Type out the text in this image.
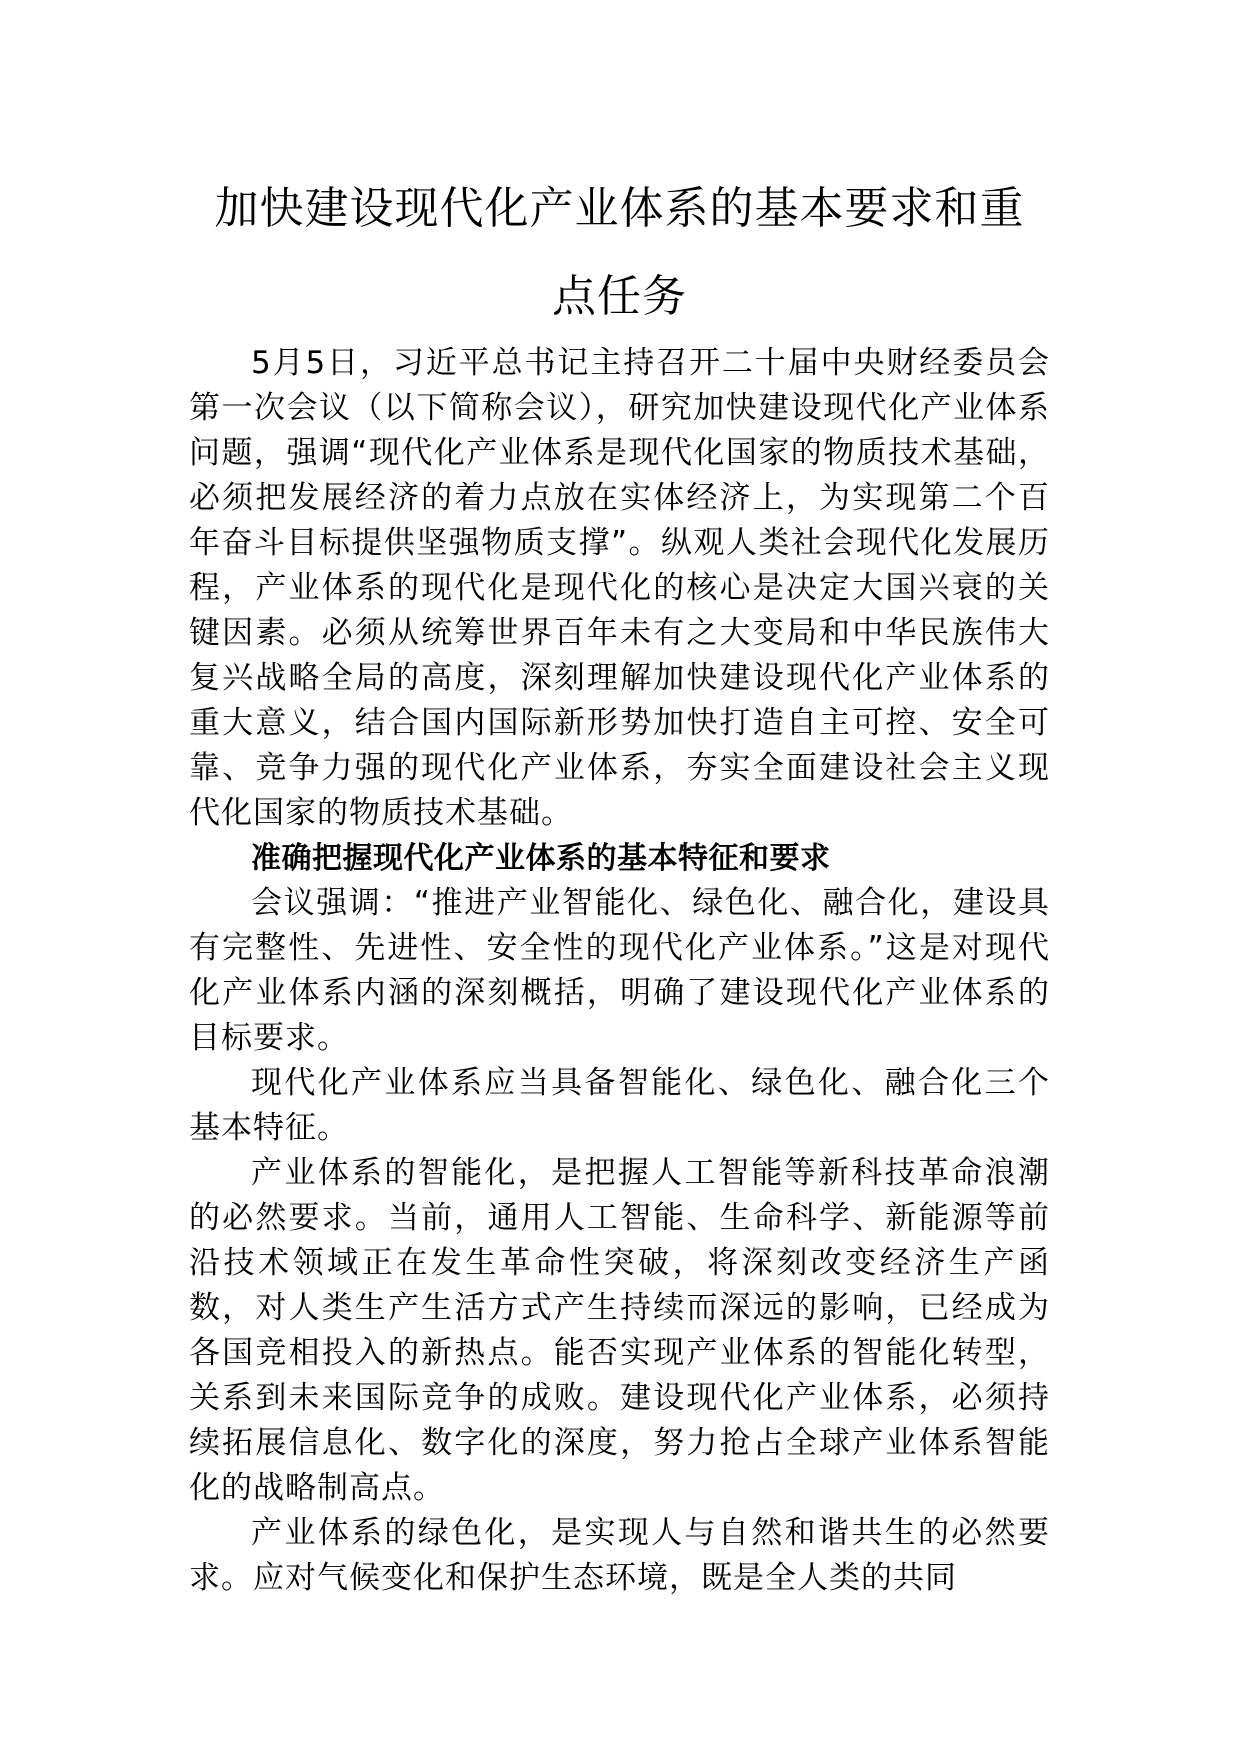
加快建设现代化产业体系的基本要求和重
点任务

5月5日，习近平总书记主持召开二十届中央财经委员会第一次会议（以下简称会议），研究加快建设现代化产业体系问题，强调“现代化产业体系是现代化国家的物质技术基础，必须把发展经济的着力点放在实体经济上，为实现第二个百年奋斗目标提供坚强物质支撑”。纵观人类社会现代化发展历程，产业体系的现代化是现代化的核心是决定大国兴衰的关键因素。必须从统筹世界百年未有之大变局和中华民族伟大复兴战略全局的高度，深刻理解加快建设现代化产业体系的重大意义，结合国内国际新形势加快打造自主可控、安全可靠、竞争力强的现代化产业体系，夯实全面建设社会主义现代化国家的物质技术基础。

准确把握现代化产业体系的基本特征和要求

会议强调：“推进产业智能化、绿色化、融合化，建设具有完整性、先进性、安全性的现代化产业体系。”这是对现代化产业体系内涵的深刻概括，明确了建设现代化产业体系的目标要求。

现代化产业体系应当具备智能化、绿色化、融合化三个基本特征。

产业体系的智能化，是把握人工智能等新科技革命浪潮的必然要求。当前，通用人工智能、生命科学、新能源等前沿技术领域正在发生革命性突破，将深刻改变经济生产函数，对人类生产生活方式产生持续而深远的影响，已经成为各国竞相投入的新热点。能否实现产业体系的智能化转型，关系到未来国际竞争的成败。建设现代化产业体系，必须持续拓展信息化、数字化的深度，努力抢占全球产业体系智能化的战略制高点。

产业体系的绿色化，是实现人与自然和谐共生的必然要求。应对气候变化和保护生态环境，既是全人类的共同
